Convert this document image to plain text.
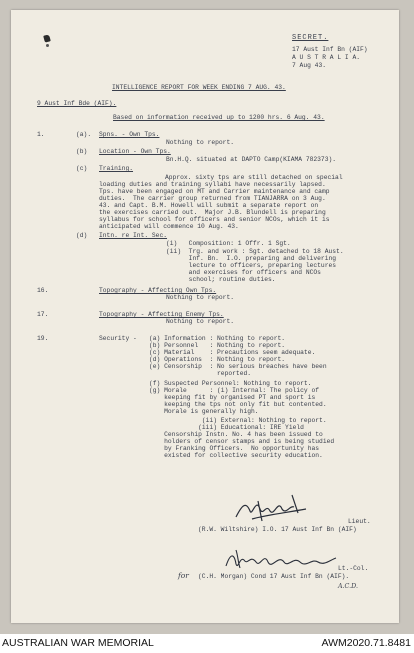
SECRET.
17 Aust Inf Bn (AIF)
A U S T R A L I A.
7 Aug 43.
INTELLIGENCE REPORT FOR WEEK ENDING 7 AUG. 43.
9 Aust Inf Bde (AIF).
Based on information received up to 1200 hrs. 6 Aug. 43.
1.	(a). Spns. - Own Tps.
Nothing to report.
(b) Location - Own Tps.
Bn.H.Q. situated at DAPTO Camp(KIAMA 782373).
(c) Training.
Approx. sixty tps are still detached on special
loading duties and training syllabi have necessarily lapsed.
Tps. have been engaged on MT and Carrier maintenance and camp
duties.  The carrier group returned from TIANJARRA on 3 Aug.
43. and Capt. B.M. Howell will submit a separate report on
the exercises carried out.  Major J.B. Blundell is preparing
syllabus for school for officers and senior NCOs, which it is
anticipated will commence 10 Aug. 43.
(d) Intn. re Int. Sec.
(i)   Composition: 1 Offr. 1 Sgt.
(ii)  Trg. and work : Sgt. detached to 18 Aust.
Inf. Bn.  I.O. preparing and delivering
lecture to officers, preparing lectures
and exercises for officers and NCOs
school; routine duties.
16.	Topography - Affecting Own Tps.
Nothing to report.
17.	Topography - Affecting Enemy Tps.
Nothing to report.
19.	Security - (a) Information : Nothing to report.
(b) Personnel   : Nothing to report.
(c) Material    : Precautions seem adequate.
(d) Operations  : Nothing to report.
(e) Censorship  : No serious breaches have been
reported.
(f) Suspected Personnel: Nothing to report.
(g) Morale      : (i) Internal: The policy of
keeping fit by organised PT and sport is
keeping the tps not only fit but contented.
Morale is generally high.
(ii) External: Nothing to report.
(iii) Educational: IRE Yield
Censorship Instn. No. 4 has been issued to
holders of censor stamps and is being studied
by Franking Officers.  No opportunity has
existed for collective security education.
Lieut.
(R.W. Wiltshire) I.O. 17 Aust Inf Bn (AIF)
Lt.-Col.
for (C.H. Morgan) Cond 17 Aust Inf Bn (AIF).
A.C.D.
AUSTRALIAN WAR MEMORIAL	AWM2020.71.8481
